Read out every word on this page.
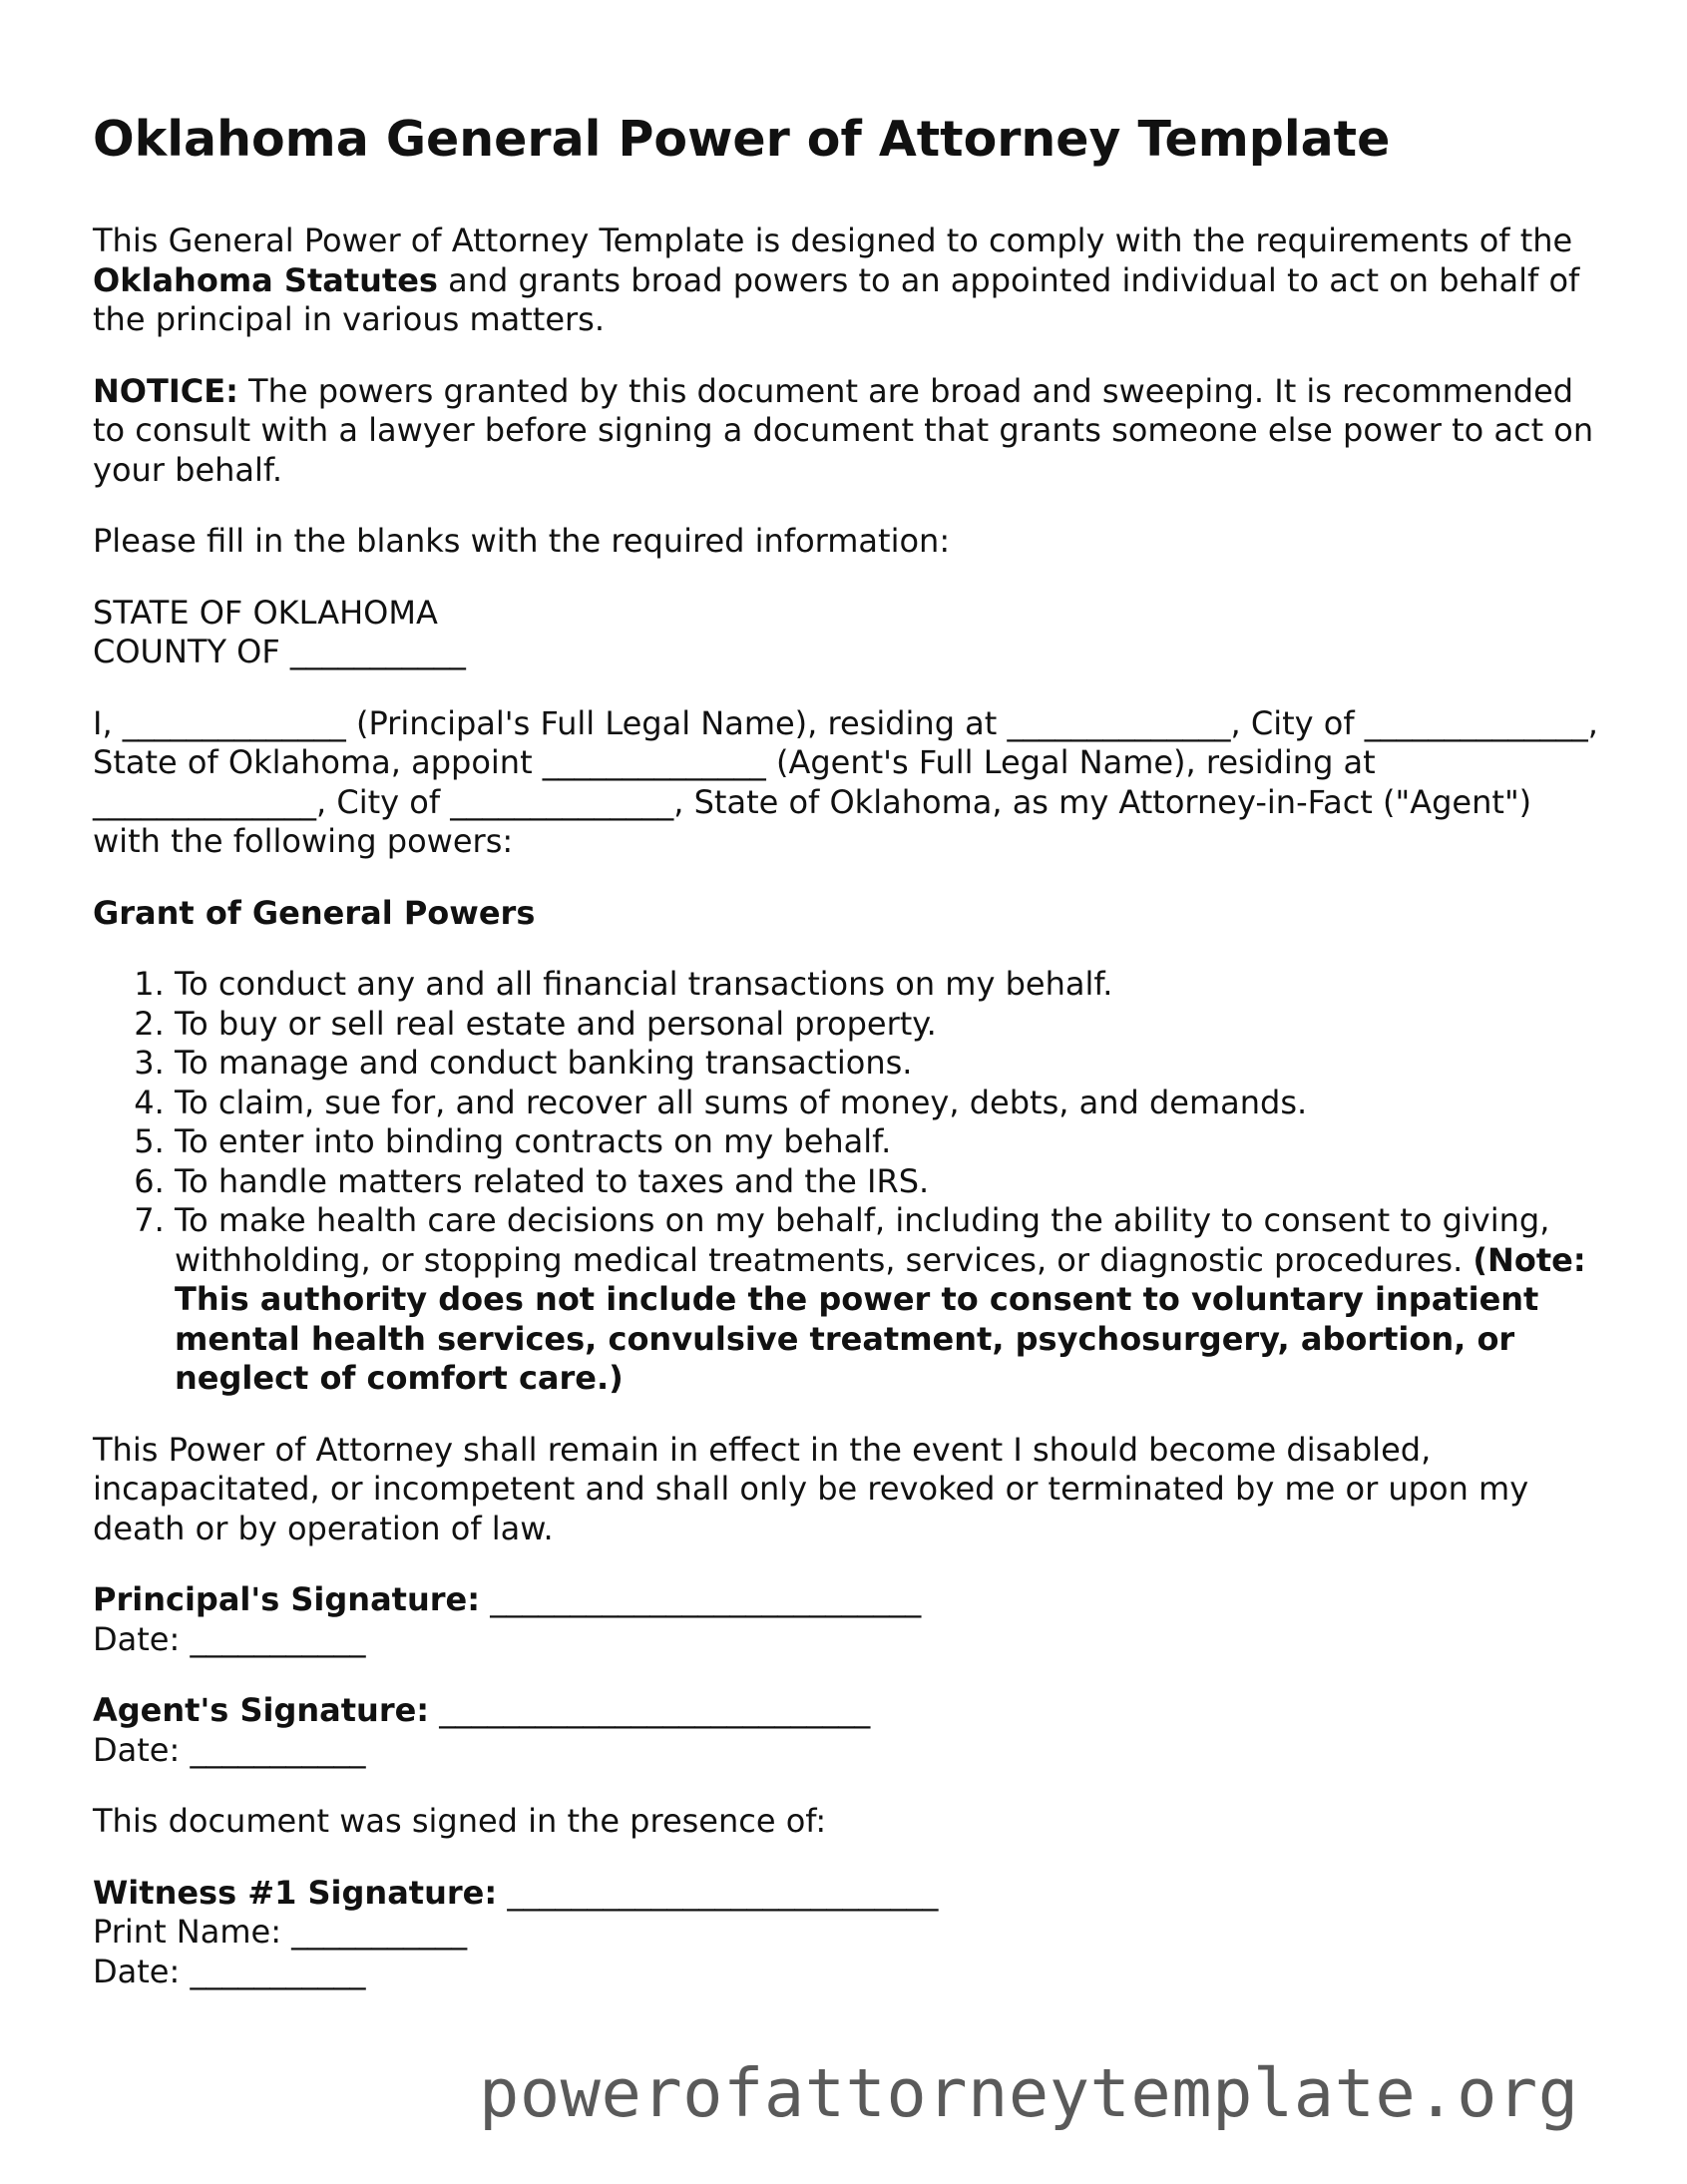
Oklahoma General Power of Attorney Template

This General Power of Attorney Template is designed to comply with the requirements of the Oklahoma Statutes and grants broad powers to an appointed individual to act on behalf of the principal in various matters.

NOTICE: The powers granted by this document are broad and sweeping. It is recommended to consult with a lawyer before signing a document that grants someone else power to act on your behalf.

Please fill in the blanks with the required information:

STATE OF OKLAHOMA
COUNTY OF ___________

I, ______________ (Principal's Full Legal Name), residing at ______________, City of ______________, State of Oklahoma, appoint ______________ (Agent's Full Legal Name), residing at ______________, City of ______________, State of Oklahoma, as my Attorney-in-Fact ("Agent") with the following powers:

Grant of General Powers
1. To conduct any and all financial transactions on my behalf.
2. To buy or sell real estate and personal property.
3. To manage and conduct banking transactions.
4. To claim, sue for, and recover all sums of money, debts, and demands.
5. To enter into binding contracts on my behalf.
6. To handle matters related to taxes and the IRS.
7. To make health care decisions on my behalf, including the ability to consent to giving, withholding, or stopping medical treatments, services, or diagnostic procedures. (Note: This authority does not include the power to consent to voluntary inpatient mental health services, convulsive treatment, psychosurgery, abortion, or neglect of comfort care.)

This Power of Attorney shall remain in effect in the event I should become disabled, incapacitated, or incompetent and shall only be revoked or terminated by me or upon my death or by operation of law.

Principal's Signature: ___________________________
Date: ___________
Agent's Signature: ___________________________
Date: ___________

This document was signed in the presence of:

Witness #1 Signature: ___________________________
Print Name: ___________
Date: ___________
powerofattorneytemplate.org
